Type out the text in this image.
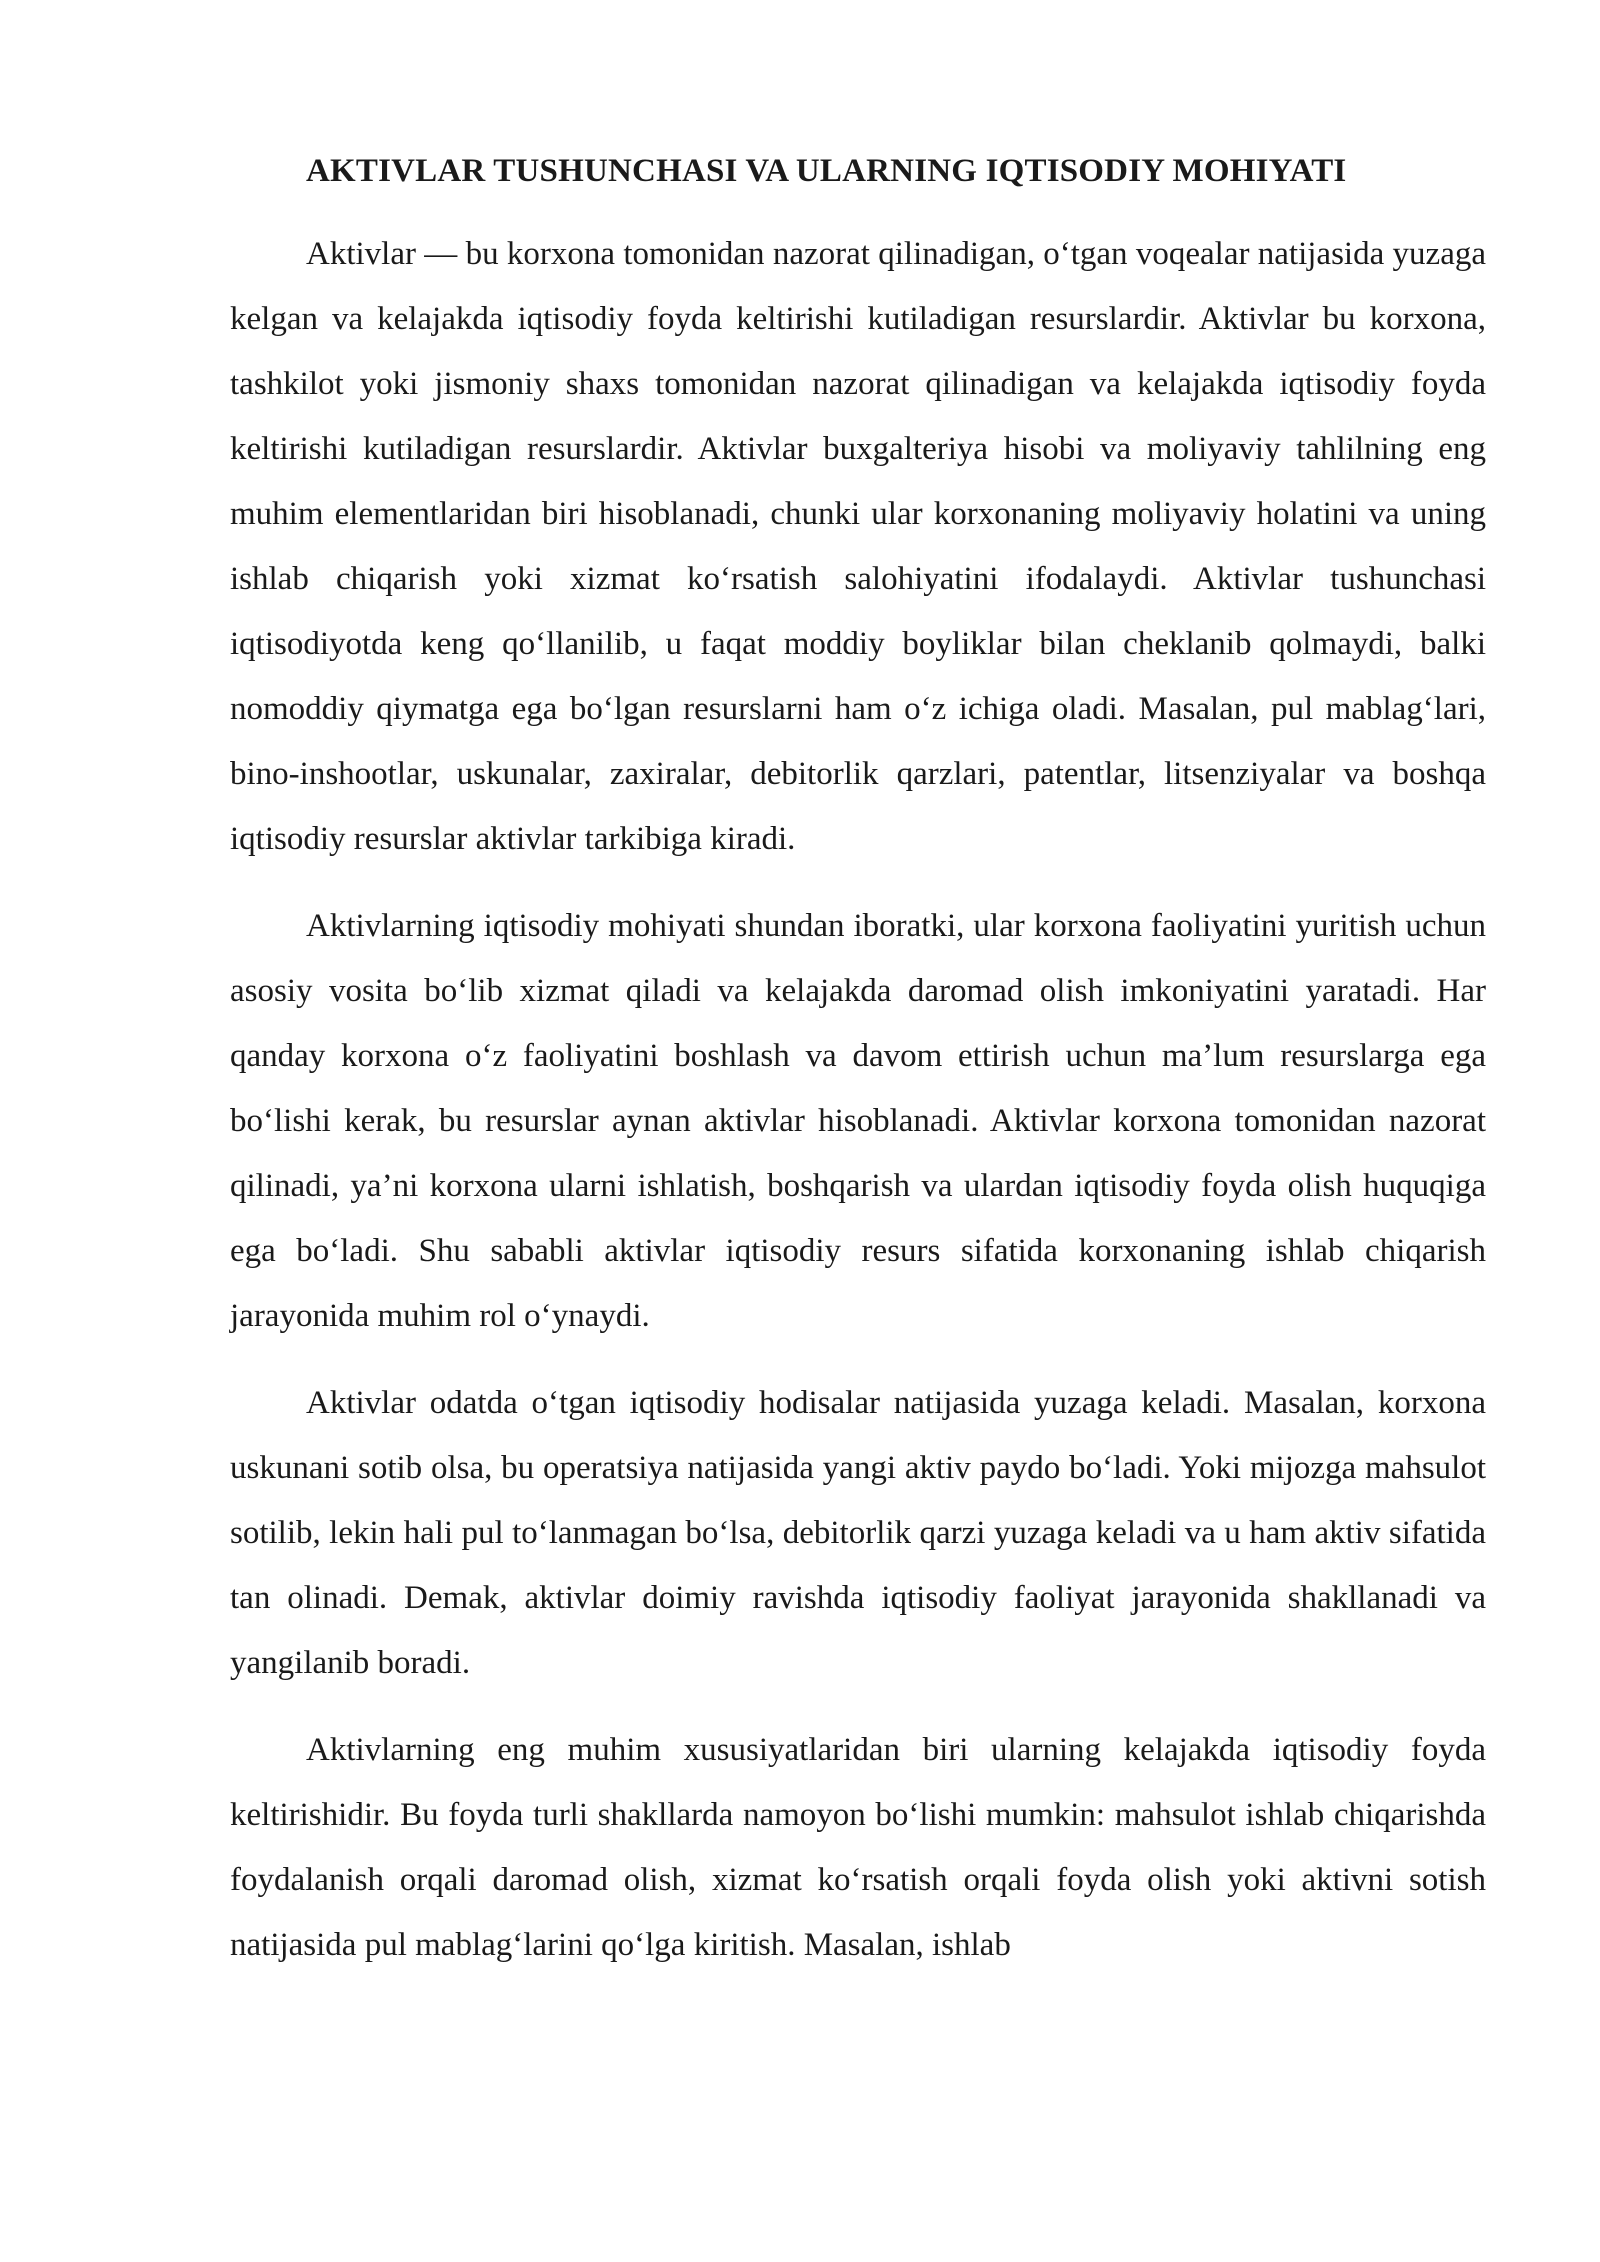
AKTIVLAR TUSHUNCHASI VA ULARNING IQTISODIY MOHIYATI

Aktivlar — bu korxona tomonidan nazorat qilinadigan, o‘tgan voqealar natijasida yuzaga kelgan va kelajakda iqtisodiy foyda keltirishi kutiladigan resurslardir. Aktivlar bu korxona, tashkilot yoki jismoniy shaxs tomonidan nazorat qilinadigan va kelajakda iqtisodiy foyda keltirishi kutiladigan resurslardir. Aktivlar buxgalteriya hisobi va moliyaviy tahlilning eng muhim elementlaridan biri hisoblanadi, chunki ular korxonaning moliyaviy holatini va uning ishlab chiqarish yoki xizmat ko‘rsatish salohiyatini ifodalaydi. Aktivlar tushunchasi iqtisodiyotda keng qo‘llanilib, u faqat moddiy boyliklar bilan cheklanib qolmaydi, balki nomoddiy qiymatga ega bo‘lgan resurslarni ham o‘z ichiga oladi. Masalan, pul mablag‘lari, bino-inshootlar, uskunalar, zaxiralar, debitorlik qarzlari, patentlar, litsenziyalar va boshqa iqtisodiy resurslar aktivlar tarkibiga kiradi.

Aktivlarning iqtisodiy mohiyati shundan iboratki, ular korxona faoliyatini yuritish uchun asosiy vosita bo‘lib xizmat qiladi va kelajakda daromad olish imkoniyatini yaratadi. Har qanday korxona o‘z faoliyatini boshlash va davom ettirish uchun ma’lum resurslarga ega bo‘lishi kerak, bu resurslar aynan aktivlar hisoblanadi. Aktivlar korxona tomonidan nazorat qilinadi, ya’ni korxona ularni ishlatish, boshqarish va ulardan iqtisodiy foyda olish huquqiga ega bo‘ladi. Shu sababli aktivlar iqtisodiy resurs sifatida korxonaning ishlab chiqarish jarayonida muhim rol o‘ynaydi.

Aktivlar odatda o‘tgan iqtisodiy hodisalar natijasida yuzaga keladi. Masalan, korxona uskunani sotib olsa, bu operatsiya natijasida yangi aktiv paydo bo‘ladi. Yoki mijozga mahsulot sotilib, lekin hali pul to‘lanmagan bo‘lsa, debitorlik qarzi yuzaga keladi va u ham aktiv sifatida tan olinadi. Demak, aktivlar doimiy ravishda iqtisodiy faoliyat jarayonida shakllanadi va yangilanib boradi.

Aktivlarning eng muhim xususiyatlaridan biri ularning kelajakda iqtisodiy foyda keltirishidir. Bu foyda turli shakllarda namoyon bo‘lishi mumkin: mahsulot ishlab chiqarishda foydalanish orqali daromad olish, xizmat ko‘rsatish orqali foyda olish yoki aktivni sotish natijasida pul mablag‘larini qo‘lga kiritish. Masalan, ishlab
